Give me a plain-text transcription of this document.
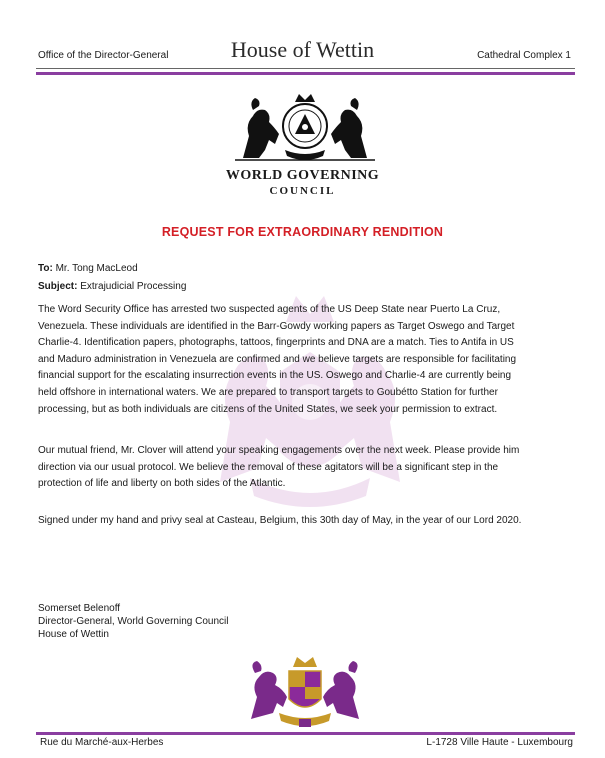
Office of the Director-General	House of Wettin	Cathedral Complex 1
WORLD GOVERNING
COUNCIL
REQUEST FOR EXTRAORDINARY RENDITION
To: Mr. Tong MacLeod
Subject: Extrajudicial Processing
The Word Security Office has arrested two suspected agents of the US Deep State near Puerto La Cruz,
Venezuela. These individuals are identified in the Barr-Gowdy working papers as Target Oswego and Target
Charlie-4. Identification papers, photographs, tattoos, fingerprints and DNA are a match. Ties to Antifa in US
and Maduro administration in Venezuela are confirmed and we believe targets are responsible for facilitating
financial support for the escalating insurrection events in the US. Oswego and Charlie-4 are currently being
held offshore in international waters. We are prepared to transport targets to Goubétto Station for further
processing, but as both individuals are citizens of the United States, we seek your permission to extract.
Our mutual friend, Mr. Clover will attend your speaking engagements over the next week. Please provide him
direction via our usual protocol. We believe the removal of these agitators will be a significant step in the
protection of life and liberty on both sides of the Atlantic.
Signed under my hand and privy seal at Casteau, Belgium, this 30th day of May, in the year of our Lord 2020.
Somerset Belenoff
Director-General, World Governing Council
House of Wettin
Rue du Marché-aux-Herbes	L-1728 Ville Haute - Luxembourg
